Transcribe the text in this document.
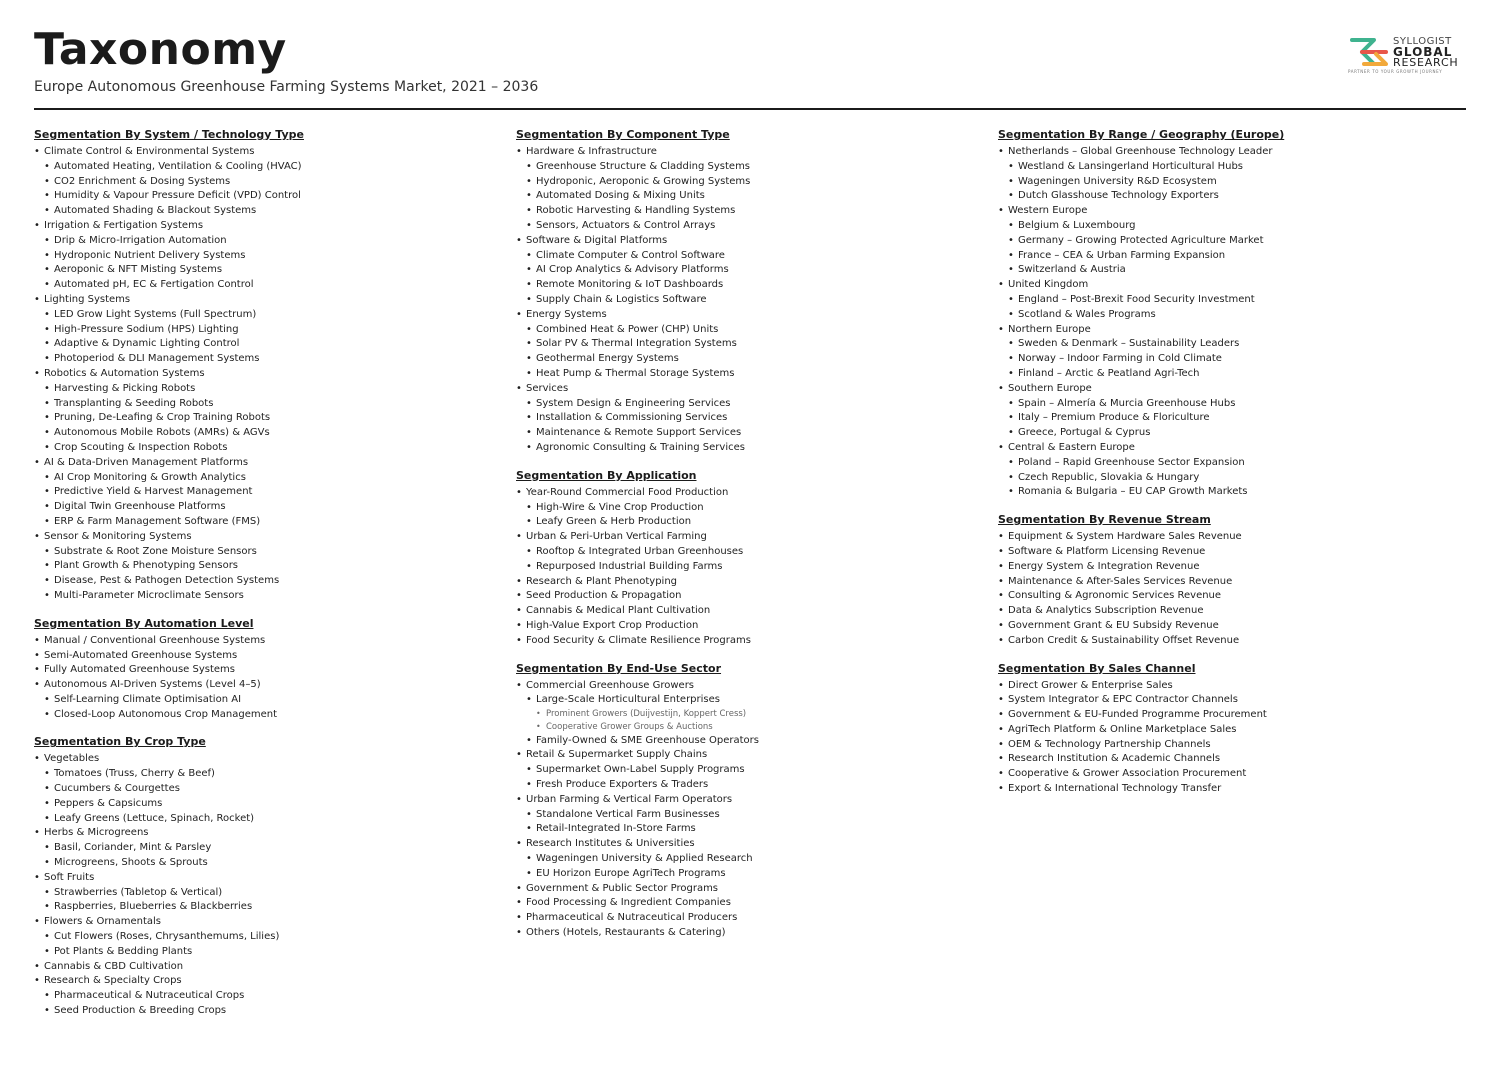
Taxonomy
Europe Autonomous Greenhouse Farming Systems Market, 2021 – 2036
SYLLOGIST
GLOBAL
RESEARCH
PARTNER TO YOUR GROWTH JOURNEY
Segmentation By System / Technology Type
• Climate Control & Environmental Systems
• Automated Heating, Ventilation & Cooling (HVAC)
• CO2 Enrichment & Dosing Systems
• Humidity & Vapour Pressure Deficit (VPD) Control
• Automated Shading & Blackout Systems
• Irrigation & Fertigation Systems
• Drip & Micro-Irrigation Automation
• Hydroponic Nutrient Delivery Systems
• Aeroponic & NFT Misting Systems
• Automated pH, EC & Fertigation Control
• Lighting Systems
• LED Grow Light Systems (Full Spectrum)
• High-Pressure Sodium (HPS) Lighting
• Adaptive & Dynamic Lighting Control
• Photoperiod & DLI Management Systems
• Robotics & Automation Systems
• Harvesting & Picking Robots
• Transplanting & Seeding Robots
• Pruning, De-Leafing & Crop Training Robots
• Autonomous Mobile Robots (AMRs) & AGVs
• Crop Scouting & Inspection Robots
• AI & Data-Driven Management Platforms
• AI Crop Monitoring & Growth Analytics
• Predictive Yield & Harvest Management
• Digital Twin Greenhouse Platforms
• ERP & Farm Management Software (FMS)
• Sensor & Monitoring Systems
• Substrate & Root Zone Moisture Sensors
• Plant Growth & Phenotyping Sensors
• Disease, Pest & Pathogen Detection Systems
• Multi-Parameter Microclimate Sensors
Segmentation By Automation Level
• Manual / Conventional Greenhouse Systems
• Semi-Automated Greenhouse Systems
• Fully Automated Greenhouse Systems
• Autonomous AI-Driven Systems (Level 4–5)
• Self-Learning Climate Optimisation AI
• Closed-Loop Autonomous Crop Management
Segmentation By Crop Type
• Vegetables
• Tomatoes (Truss, Cherry & Beef)
• Cucumbers & Courgettes
• Peppers & Capsicums
• Leafy Greens (Lettuce, Spinach, Rocket)
• Herbs & Microgreens
• Basil, Coriander, Mint & Parsley
• Microgreens, Shoots & Sprouts
• Soft Fruits
• Strawberries (Tabletop & Vertical)
• Raspberries, Blueberries & Blackberries
• Flowers & Ornamentals
• Cut Flowers (Roses, Chrysanthemums, Lilies)
• Pot Plants & Bedding Plants
• Cannabis & CBD Cultivation
• Research & Specialty Crops
• Pharmaceutical & Nutraceutical Crops
• Seed Production & Breeding Crops
Segmentation By Component Type
• Hardware & Infrastructure
• Greenhouse Structure & Cladding Systems
• Hydroponic, Aeroponic & Growing Systems
• Automated Dosing & Mixing Units
• Robotic Harvesting & Handling Systems
• Sensors, Actuators & Control Arrays
• Software & Digital Platforms
• Climate Computer & Control Software
• AI Crop Analytics & Advisory Platforms
• Remote Monitoring & IoT Dashboards
• Supply Chain & Logistics Software
• Energy Systems
• Combined Heat & Power (CHP) Units
• Solar PV & Thermal Integration Systems
• Geothermal Energy Systems
• Heat Pump & Thermal Storage Systems
• Services
• System Design & Engineering Services
• Installation & Commissioning Services
• Maintenance & Remote Support Services
• Agronomic Consulting & Training Services
Segmentation By Application
• Year-Round Commercial Food Production
• High-Wire & Vine Crop Production
• Leafy Green & Herb Production
• Urban & Peri-Urban Vertical Farming
• Rooftop & Integrated Urban Greenhouses
• Repurposed Industrial Building Farms
• Research & Plant Phenotyping
• Seed Production & Propagation
• Cannabis & Medical Plant Cultivation
• High-Value Export Crop Production
• Food Security & Climate Resilience Programs
Segmentation By End-Use Sector
• Commercial Greenhouse Growers
• Large-Scale Horticultural Enterprises
• Prominent Growers (Duijvestijn, Koppert Cress)
• Cooperative Grower Groups & Auctions
• Family-Owned & SME Greenhouse Operators
• Retail & Supermarket Supply Chains
• Supermarket Own-Label Supply Programs
• Fresh Produce Exporters & Traders
• Urban Farming & Vertical Farm Operators
• Standalone Vertical Farm Businesses
• Retail-Integrated In-Store Farms
• Research Institutes & Universities
• Wageningen University & Applied Research
• EU Horizon Europe AgriTech Programs
• Government & Public Sector Programs
• Food Processing & Ingredient Companies
• Pharmaceutical & Nutraceutical Producers
• Others (Hotels, Restaurants & Catering)
Segmentation By Range / Geography (Europe)
• Netherlands – Global Greenhouse Technology Leader
• Westland & Lansingerland Horticultural Hubs
• Wageningen University R&D Ecosystem
• Dutch Glasshouse Technology Exporters
• Western Europe
• Belgium & Luxembourg
• Germany – Growing Protected Agriculture Market
• France – CEA & Urban Farming Expansion
• Switzerland & Austria
• United Kingdom
• England – Post-Brexit Food Security Investment
• Scotland & Wales Programs
• Northern Europe
• Sweden & Denmark – Sustainability Leaders
• Norway – Indoor Farming in Cold Climate
• Finland – Arctic & Peatland Agri-Tech
• Southern Europe
• Spain – Almería & Murcia Greenhouse Hubs
• Italy – Premium Produce & Floriculture
• Greece, Portugal & Cyprus
• Central & Eastern Europe
• Poland – Rapid Greenhouse Sector Expansion
• Czech Republic, Slovakia & Hungary
• Romania & Bulgaria – EU CAP Growth Markets
Segmentation By Revenue Stream
• Equipment & System Hardware Sales Revenue
• Software & Platform Licensing Revenue
• Energy System & Integration Revenue
• Maintenance & After-Sales Services Revenue
• Consulting & Agronomic Services Revenue
• Data & Analytics Subscription Revenue
• Government Grant & EU Subsidy Revenue
• Carbon Credit & Sustainability Offset Revenue
Segmentation By Sales Channel
• Direct Grower & Enterprise Sales
• System Integrator & EPC Contractor Channels
• Government & EU-Funded Programme Procurement
• AgriTech Platform & Online Marketplace Sales
• OEM & Technology Partnership Channels
• Research Institution & Academic Channels
• Cooperative & Grower Association Procurement
• Export & International Technology Transfer
